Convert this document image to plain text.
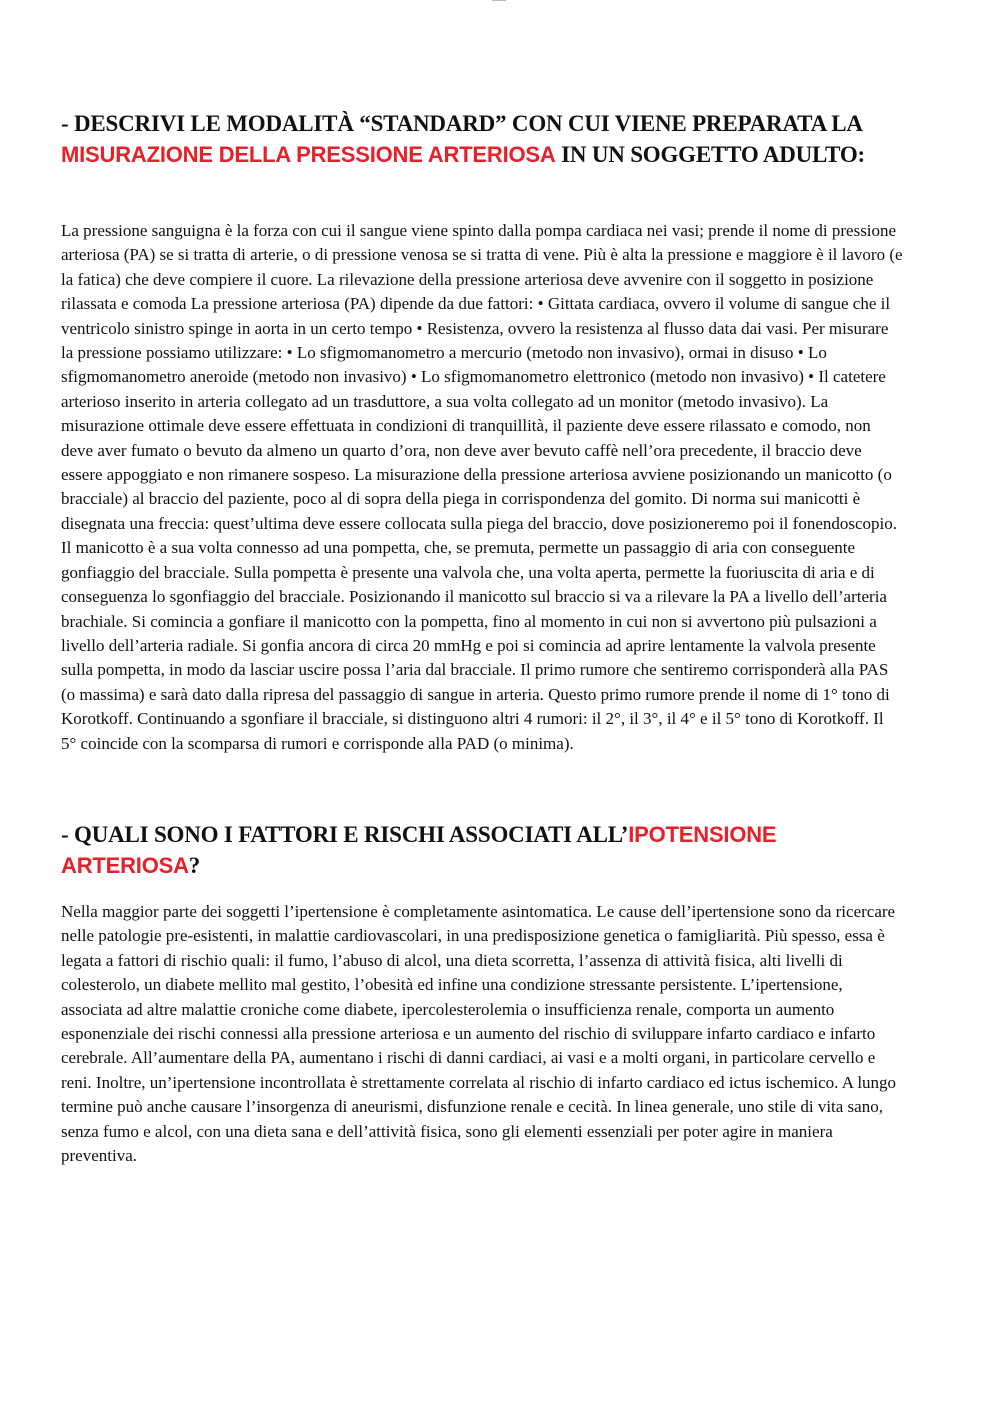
- DESCRIVI LE MODALITÀ “STANDARD” CON CUI VIENE PREPARATA LA MISURAZIONE DELLA PRESSIONE ARTERIOSA IN UN SOGGETTO ADULTO:

La pressione sanguigna è la forza con cui il sangue viene spinto dalla pompa cardiaca nei vasi; prende il nome di pressione arteriosa (PA) se si tratta di arterie, o di pressione venosa se si tratta di vene. Più è alta la pressione e maggiore è il lavoro (e la fatica) che deve compiere il cuore. La rilevazione della pressione arteriosa deve avvenire con il soggetto in posizione rilassata e comoda La pressione arteriosa (PA) dipende da due fattori: • Gittata cardiaca, ovvero il volume di sangue che il ventricolo sinistro spinge in aorta in un certo tempo • Resistenza, ovvero la resistenza al flusso data dai vasi. Per misurare la pressione possiamo utilizzare: • Lo sfigmomanometro a mercurio (metodo non invasivo), ormai in disuso • Lo sfigmomanometro aneroide (metodo non invasivo) • Lo sfigmomanometro elettronico (metodo non invasivo) • Il catetere arterioso inserito in arteria collegato ad un trasduttore, a sua volta collegato ad un monitor (metodo invasivo). La misurazione ottimale deve essere effettuata in condizioni di tranquillità, il paziente deve essere rilassato e comodo, non deve aver fumato o bevuto da almeno un quarto d’ora, non deve aver bevuto caffè nell’ora precedente, il braccio deve essere appoggiato e non rimanere sospeso. La misurazione della pressione arteriosa avviene posizionando un manicotto (o bracciale) al braccio del paziente, poco al di sopra della piega in corrispondenza del gomito. Di norma sui manicotti è disegnata una freccia: quest’ultima deve essere collocata sulla piega del braccio, dove posizioneremo poi il fonendoscopio. Il manicotto è a sua volta connesso ad una pompetta, che, se premuta, permette un passaggio di aria con conseguente gonfiaggio del bracciale. Sulla pompetta è presente una valvola che, una volta aperta, permette la fuoriuscita di aria e di conseguenza lo sgonfiaggio del bracciale. Posizionando il manicotto sul braccio si va a rilevare la PA a livello dell’arteria brachiale. Si comincia a gonfiare il manicotto con la pompetta, fino al momento in cui non si avvertono più pulsazioni a livello dell’arteria radiale. Si gonfia ancora di circa 20 mmHg e poi si comincia ad aprire lentamente la valvola presente sulla pompetta, in modo da lasciar uscire possa l’aria dal bracciale. Il primo rumore che sentiremo corrisponderà alla PAS (o massima) e sarà dato dalla ripresa del passaggio di sangue in arteria. Questo primo rumore prende il nome di 1° tono di Korotkoff. Continuando a sgonfiare il bracciale, si distinguono altri 4 rumori: il 2°, il 3°, il 4° e il 5° tono di Korotkoff. Il 5° coincide con la scomparsa di rumori e corrisponde alla PAD (o minima).

- QUALI SONO I FATTORI E RISCHI ASSOCIATI ALL’IPOTENSIONE ARTERIOSA?

Nella maggior parte dei soggetti l’ipertensione è completamente asintomatica. Le cause dell’ipertensione sono da ricercare nelle patologie pre-esistenti, in malattie cardiovascolari, in una predisposizione genetica o famigliarità. Più spesso, essa è legata a fattori di rischio quali: il fumo, l’abuso di alcol, una dieta scorretta, l’assenza di attività fisica, alti livelli di colesterolo, un diabete mellito mal gestito, l’obesità ed infine una condizione stressante persistente. L’ipertensione, associata ad altre malattie croniche come diabete, ipercolesterolemia o insufficienza renale, comporta un aumento esponenziale dei rischi connessi alla pressione arteriosa e un aumento del rischio di sviluppare infarto cardiaco e infarto cerebrale. All’aumentare della PA, aumentano i rischi di danni cardiaci, ai vasi e a molti organi, in particolare cervello e reni. Inoltre, un’ipertensione incontrollata è strettamente correlata al rischio di infarto cardiaco ed ictus ischemico. A lungo termine può anche causare l’insorgenza di aneurismi, disfunzione renale e cecità. In linea generale, uno stile di vita sano, senza fumo e alcol, con una dieta sana e dell’attività fisica, sono gli elementi essenziali per poter agire in maniera preventiva.
